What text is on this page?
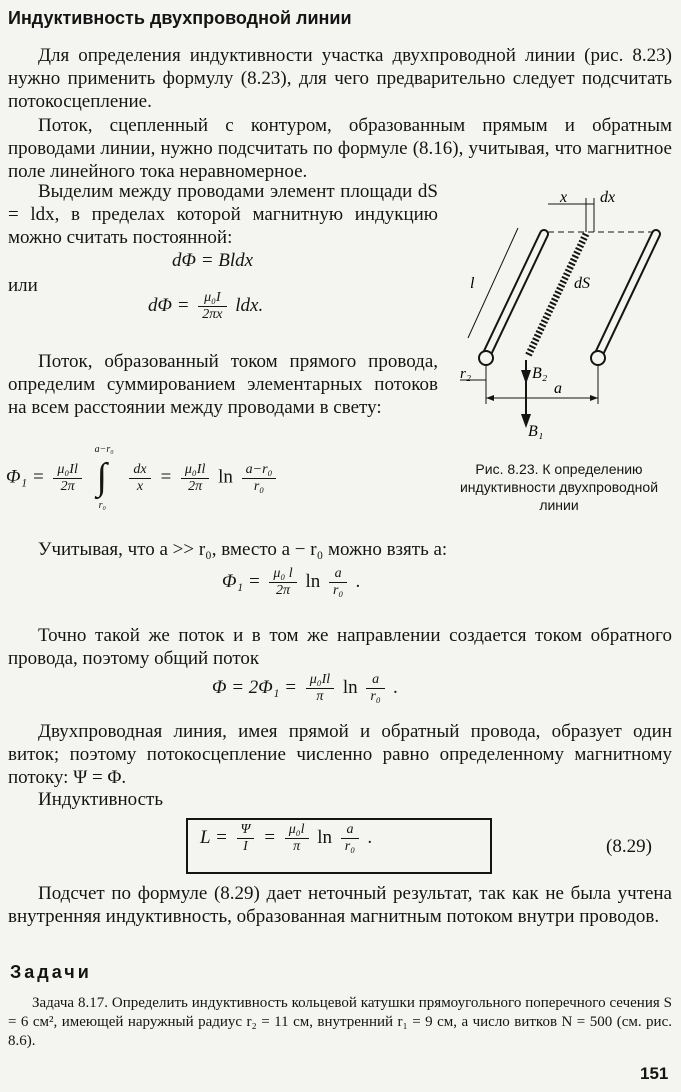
Индуктивность двухпроводной линии

Для определения индуктивности участка двухпроводной линии (рис. 8.23) нужно применить формулу (8.23), для чего предварительно следует подсчитать потокосцепление.

Поток, сцепленный с контуром, образованным прямым и обратным проводами линии, нужно подсчитать по формуле (8.16), учитывая, что магнитное поле линейного тока неравномерное.

Выделим между проводами элемент площади dS = ldx, в пределах которой магнитную индукцию можно считать постоянной:

dΦ = Bldx
или
$d\Phi = \frac{\text{μ₀I}}{2\pi x}$ ldx.

Поток, образованный током прямого провода, определим суммированием элементарных потоков на всем расстоянии между проводами в свету:

$\Phi_1 = \frac{\text{μ₀Il}}{2\pi}$

a−r₀
∫
r₀

$\frac{dx}{x} = \frac{\text{μ₀Il}}{2\pi}$ $\ln \frac{\text{a−r₀}}{\text{r₀}}$
x dx
l	dS
r₂	B₂
B₁
a
Рис. 8.23. К определению индуктивности двухпроводной линии

Учитывая, что a >> r₀, вместо a − r₀ можно взять a:

$\Phi_1 = \frac{\text{μ₀ l}}{2\pi}$ $\ln \frac{a}{\text{r₀}}$ .

Точно такой же поток и в том же направлении создается током обратного провода, поэтому общий поток

$\Phi = 2\Phi_1 = \frac{\text{μ₀Il}}{\pi}$ $\ln \frac{a}{\text{r₀}}$ .

Двухпроводная линия, имея прямой и обратный провода, образует один виток; поэтому потокосцепление численно равно определенному магнитному потоку: Ψ = Φ.

Индуктивность

$L = \frac{\Psi}{I} = \frac{\text{μ₀l}}{\pi}$ $\ln \frac{a}{\text{r₀}}$ .	(8.29)

Подсчет по формуле (8.29) дает неточный результат, так как не была учтена внутренняя индуктивность, образованная магнитным потоком внутри проводов.

Задачи

Задача 8.17. Определить индуктивность кольцевой катушки прямоугольного поперечного сечения S = 6 см², имеющей наружный радиус r₂ = 11 см, внутренний r₁ = 9 см, а число витков N = 500 (см. рис. 8.6).

151
